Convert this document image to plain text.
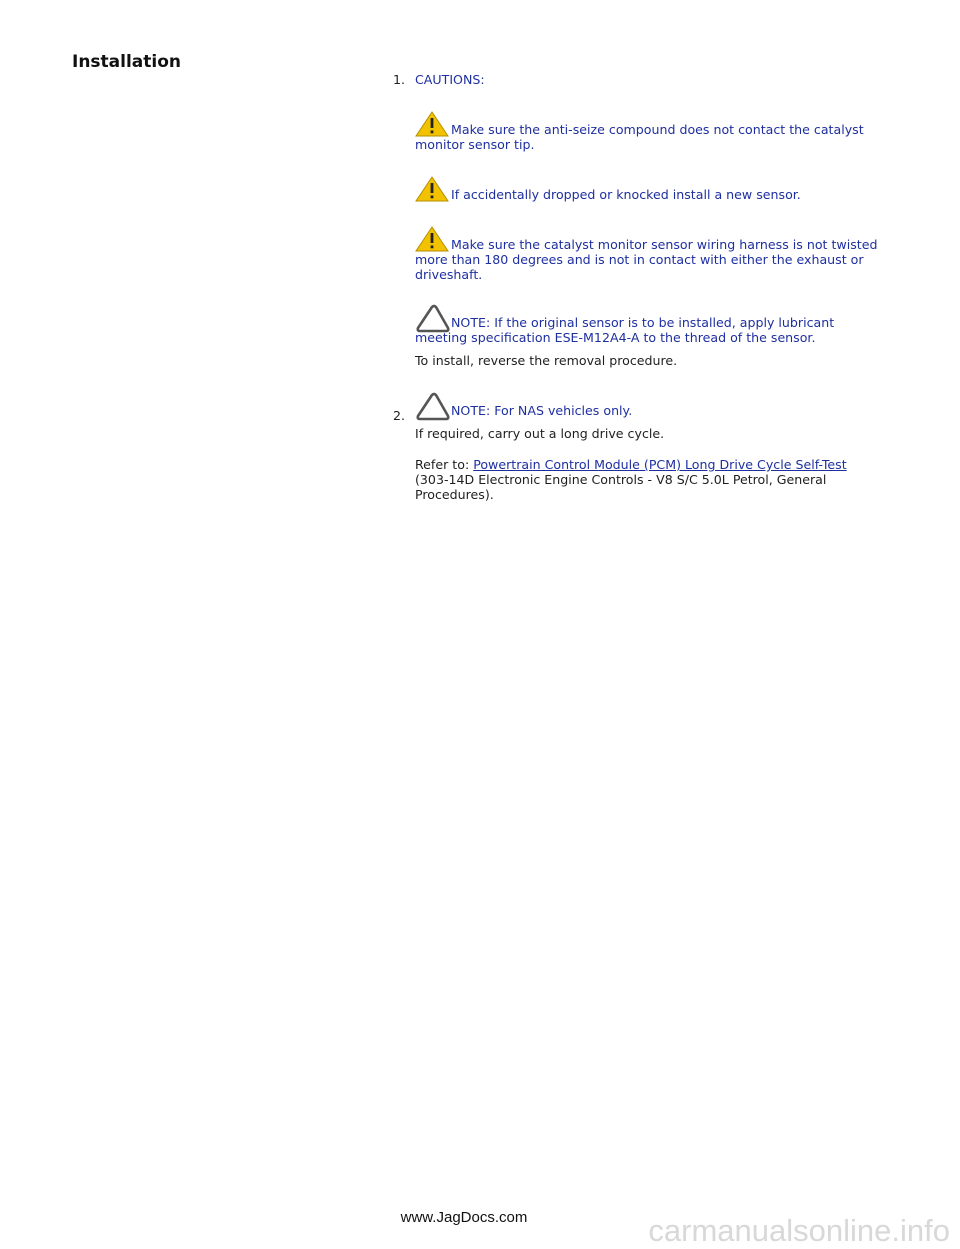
Installation
1. CAUTIONS:
Make sure the anti-seize compound does not contact the catalyst monitor sensor tip.
If accidentally dropped or knocked install a new sensor.
Make sure the catalyst monitor sensor wiring harness is not twisted more than 180 degrees and is not in contact with either the exhaust or driveshaft.
NOTE: If the original sensor is to be installed, apply lubricant meeting specification ESE-M12A4-A to the thread of the sensor.
To install, reverse the removal procedure.
2.	NOTE: For NAS vehicles only.
If required, carry out a long drive cycle.
Refer to: Powertrain Control Module (PCM) Long Drive Cycle Self-Test
(303-14D Electronic Engine Controls - V8 S/C 5.0L Petrol, General Procedures).
www.JagDocs.com	carmanualsonline.info
